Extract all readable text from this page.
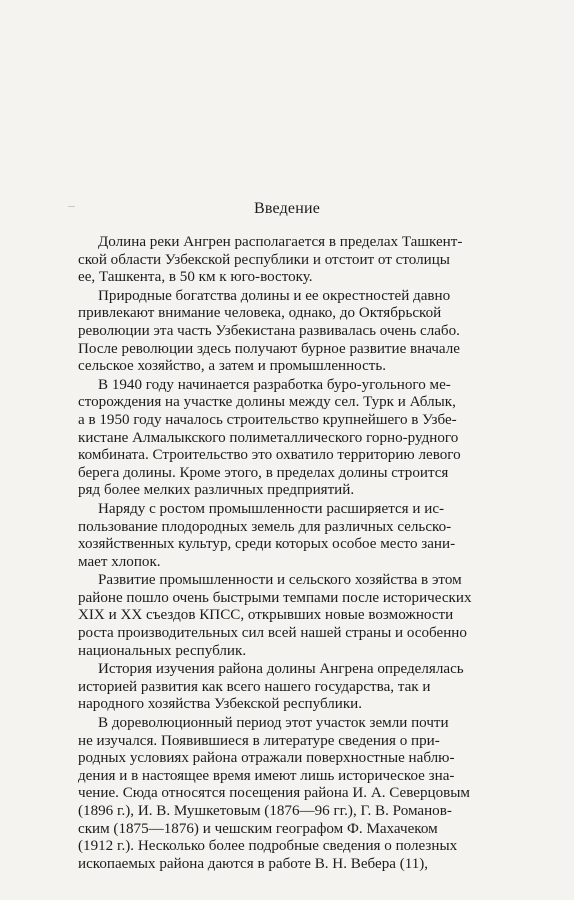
Введение

Долина реки Ангрен располагается в пределах Ташкент-
ской области Узбекской республики и отстоит от столицы
ее, Ташкента, в 50 км к юго-востоку.

Природные богатства долины и ее окрестностей давно
привлекают внимание человека, однако, до Октябрьской
революции эта часть Узбекистана развивалась очень слабо.
После революции здесь получают бурное развитие вначале
сельское хозяйство, а затем и промышленность.

В 1940 году начинается разработка буро-угольного ме-
сторождения на участке долины между сел. Турк и Аблык,
а в 1950 году началось строительство крупнейшего в Узбе-
кистане Алмалыкского полиметаллического горно-рудного
комбината. Строительство это охватило территорию левого
берега долины. Кроме этого, в пределах долины строится
ряд более мелких различных предприятий.

Наряду с ростом промышленности расширяется и ис-
пользование плодородных земель для различных сельско-
хозяйственных культур, среди которых особое место зани-
мает хлопок.

Развитие промышленности и сельского хозяйства в этом
районе пошло очень быстрыми темпами после исторических
XIX и XX съездов КПСС, открывших новые возможности
роста производительных сил всей нашей страны и особенно
национальных республик.

История изучения района долины Ангрена определялась
историей развития как всего нашего государства, так и
народного хозяйства Узбекской республики.

В дореволюционный период этот участок земли почти
не изучался. Появившиеся в литературе сведения о при-
родных условиях района отражали поверхностные наблю-
дения и в настоящее время имеют лишь историческое зна-
чение. Сюда относятся посещения района И. А. Северцовым
(1896 г.), И. В. Мушкетовым (1876—96 гг.), Г. В. Романов-
ским (1875—1876) и чешским географом Ф. Махачеком
(1912 г.). Несколько более подробные сведения о полезных
ископаемых района даются в работе В. Н. Вебера (11),
